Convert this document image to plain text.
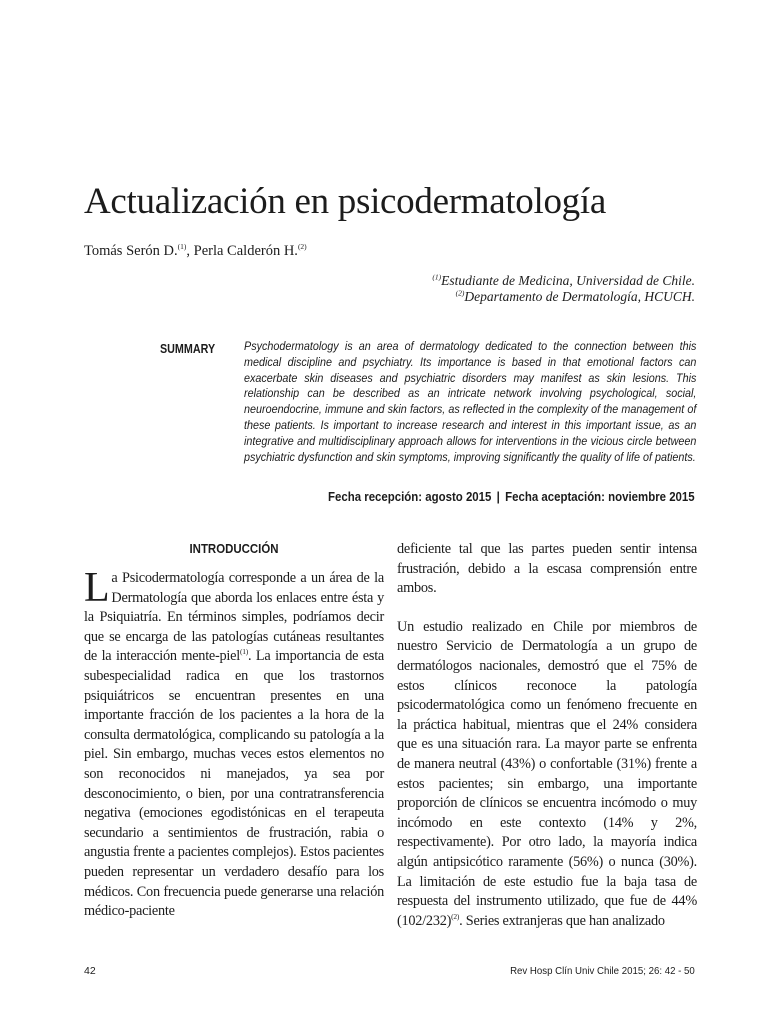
Actualización en psicodermatología
Tomás Serón D.$^{(1)}$, Perla Calderón H.$^{(2)}$
$^{(1)}$Estudiante de Medicina, Universidad de Chile.
$^{(2)}$Departamento de Dermatología, HCUCH.
SUMMARY Psychodermatology is an area of dermatology dedicated to the connection between this medical discipline and psychiatry. Its importance is based in that emotional factors can exacerbate skin diseases and psychiatric disorders may manifest as skin lesions. This relationship can be described as an intricate network involving psychological, social, neuroendocrine, immune and skin factors, as reflected in the complexity of the management of these patients. Is important to increase research and interest in this important issue, as an integrative and multidisciplinary approach allows for interventions in the vicious circle between psychiatric dysfunction and skin symptoms, improving significantly the quality of life of patients.

Fecha recepción: agosto 2015 | Fecha aceptación: noviembre 2015
INTRODUCCIÓN

La Psicodermatología corresponde a un área de la Dermatología que aborda los enlaces entre ésta y la Psiquiatría. En términos simples, podríamos decir que se encarga de las patologías cutáneas resultantes de la interacción mente-piel$^{(1)}$. La importancia de esta subespecialidad radica en que los trastornos psiquiátricos se encuentran presentes en una importante fracción de los pacientes a la hora de la consulta dermatológica, complicando su patología a la piel. Sin embargo, muchas veces estos elementos no son reconocidos ni manejados, ya sea por desconocimiento, o bien, por una contratransferencia negativa (emociones egodistónicas en el terapeuta secundario a sentimientos de frustración, rabia o angustia frente a pacientes complejos). Estos pacientes pueden representar un verdadero desafío para los médicos. Con frecuencia puede generarse una relación médico-paciente

deficiente tal que las partes pueden sentir intensa frustración, debido a la escasa comprensión entre ambos.

Un estudio realizado en Chile por miembros de nuestro Servicio de Dermatología a un grupo de dermatólogos nacionales, demostró que el 75% de estos clínicos reconoce la patología psicodermatológica como un fenómeno frecuente en la práctica habitual, mientras que el 24% considera que es una situación rara. La mayor parte se enfrenta de manera neutral (43%) o confortable (31%) frente a estos pacientes; sin embargo, una importante proporción de clínicos se encuentra incómodo o muy incómodo en este contexto (14% y 2%, respectivamente). Por otro lado, la mayoría indica algún antipsicótico raramente (56%) o nunca (30%). La limitación de este estudio fue la baja tasa de respuesta del instrumento utilizado, que fue de 44% $(102/232)^{(2)}$. Series extranjeras que han analizado

42	Rev Hosp Clín Univ Chile 2015; 26: 42 - 50
